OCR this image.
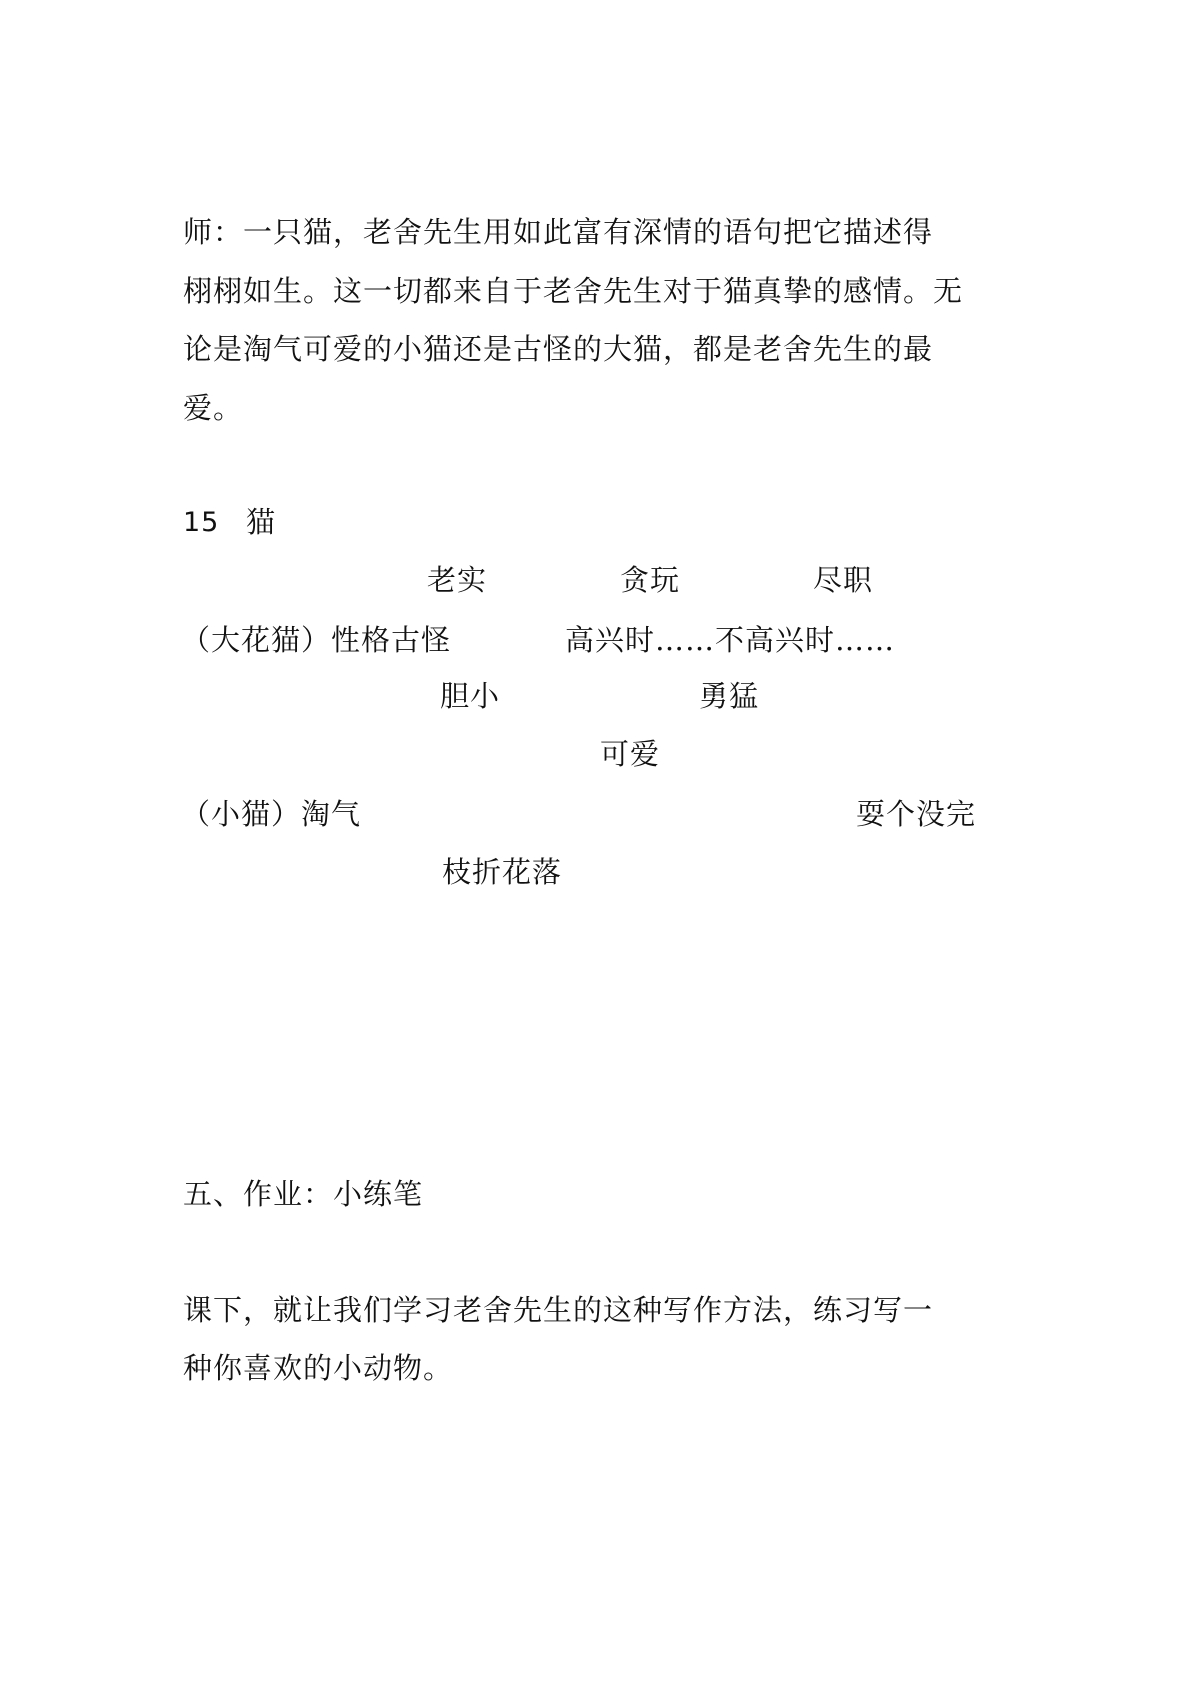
师：一只猫，老舍先生用如此富有深情的语句把它描述得
栩栩如生。这一切都来自于老舍先生对于猫真挚的感情。无
论是淘气可爱的小猫还是古怪的大猫，都是老舍先生的最
爱。
15 猫
老实	贪玩	尽职
（大花猫）性格古怪	高兴时……不高兴时……
胆小	勇猛
可爱
（小猫）淘气	耍个没完
枝折花落
五、作业：小练笔
课下，就让我们学习老舍先生的这种写作方法，练习写一
种你喜欢的小动物。
